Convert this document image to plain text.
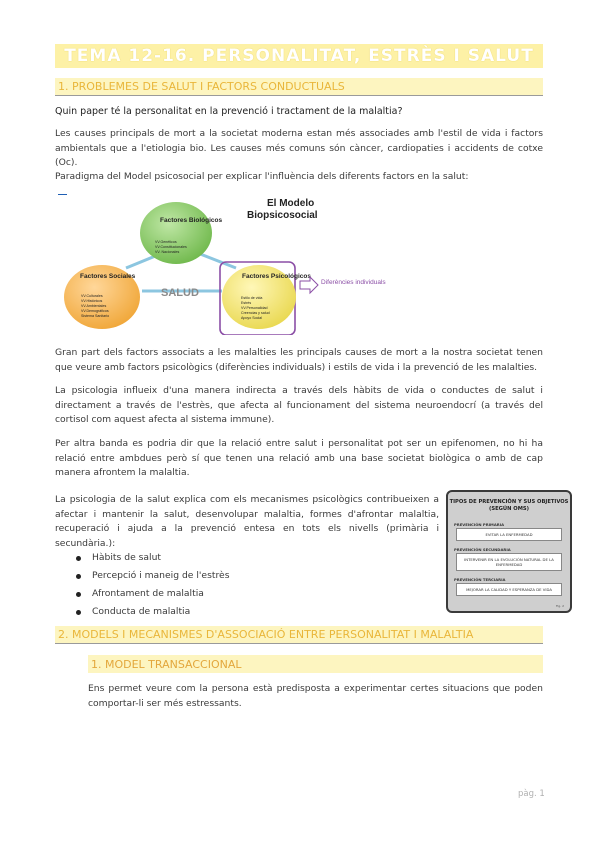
TEMA 12-16. PERSONALITAT, ESTRÈS I SALUT
1. PROBLEMES DE SALUT I FACTORS CONDUCTUALS

Quin paper té la personalitat en la prevenció i tractament de la malaltia?

Les causes principals de mort a la societat moderna estan més associades amb l'estil de vida i factors ambientals que a l'etiologia bio. Les causes més comuns són càncer, cardiopaties i accidents de cotxe (Oc).

Paradigma del Model psicosocial per explicar l'influència dels diferents factors en la salut:

El Modelo
Biopsicosocial
SALUD
Factores Biológicos
VV.Genéticos
VV.Constitucionales
VV. Nacionales
Factores Sociales
VV.Culturales
VV.Históricos
VV.Ambientales
VV.Demográficos
Sistema Sanitario
Factores Psicológicos
Estilo de vida
Estrés
VV.Personalidad
Creencias y salud
Apoyo Social
Diferències individuals

Gran part dels factors associats a les malalties les principals causes de mort a la nostra societat tenen que veure amb factors psicològics (diferències individuals) i estils de vida i la prevenció de les malalties.

La psicologia influeix d'una manera indirecta a través dels hàbits de vida o conductes de salut i directament a través de l'estrès, que afecta al funcionament del sistema neuroendocrí (a través del cortisol com aquest afecta al sistema immune).

Per altra banda es podria dir que la relació entre salut i personalitat pot ser un epifenomen, no hi ha relació entre ambdues però sí que tenen una relació amb una base societat biològica o amb de cap manera afrontem la malaltia.

La psicologia de la salut explica com els mecanismes psicològics contribueixen a afectar i mantenir la salut, desenvolupar malaltia, formes d'afrontar malaltia, recuperació i ajuda a la prevenció entesa en tots els nivells (primària i secundària.):

Hàbits de salut
Percepció i maneig de l'estrès
Afrontament de malaltia
Conducta de malaltia
TIPOS DE PREVENCIÓN Y SUS OBJETIVOS (SEGÚN OMS)
PREVENCIÓN PRIMARIA
EVITAR LA ENFERMEDAD
PREVENCIÓN SECUNDARIA
INTERVENIR EN LA EVOLUCIÓN NATURAL DE LA ENFERMEDAD
PREVENCIÓN TERCIARIA
MEJORAR LA CALIDAD Y ESPERANZA DE VIDA
Fig. 2
2. MODELS I MECANISMES D'ASSOCIACIÓ ENTRE PERSONALITAT I MALALTIA
1. MODEL TRANSACCIONAL

Ens permet veure com la persona està predisposta a experimentar certes situacions que poden comportar-li ser més estressants.

pàg. 1
